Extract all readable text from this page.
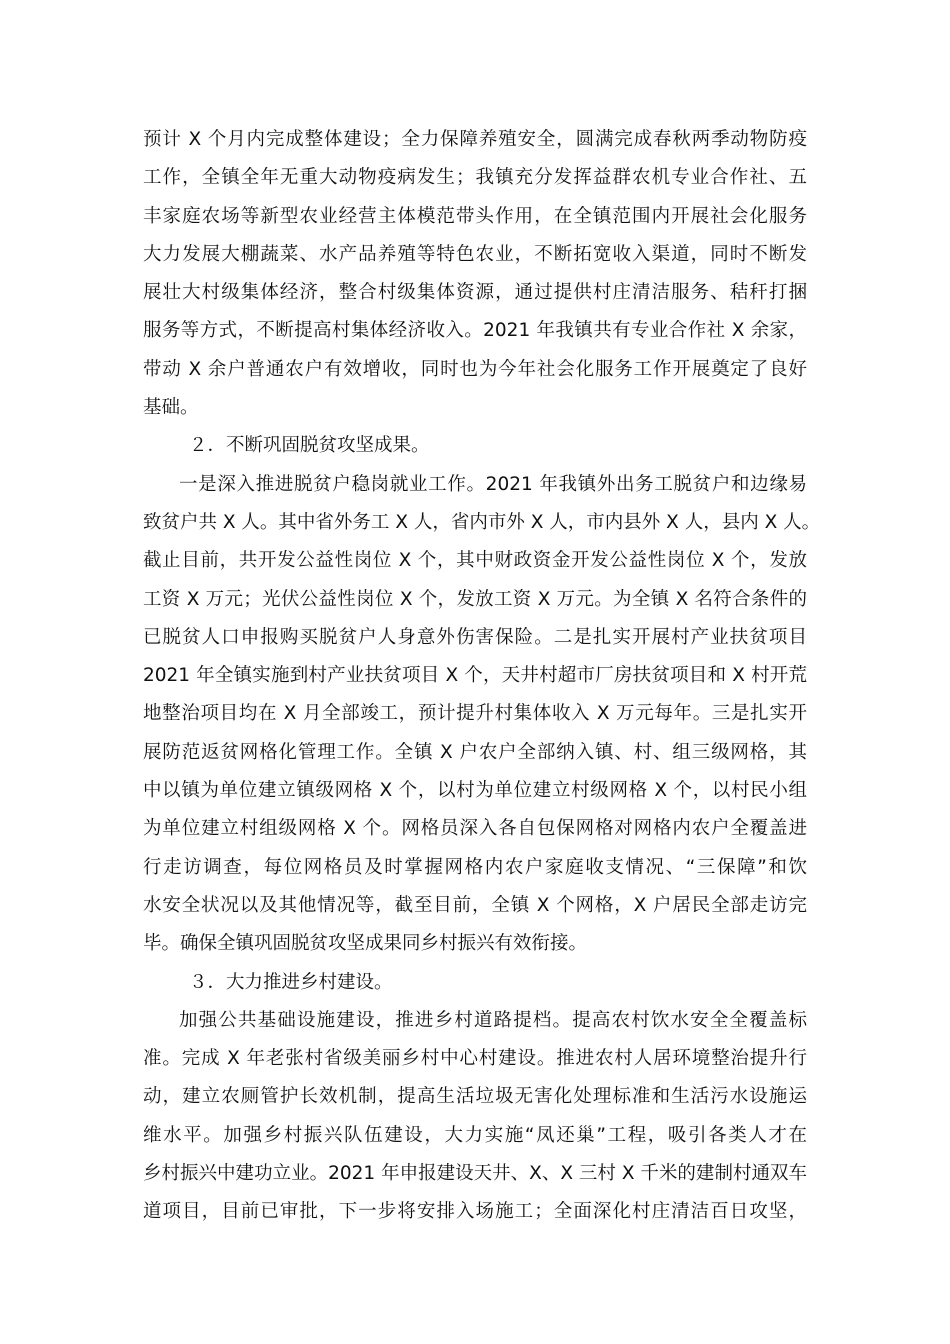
预计 X 个月内完成整体建设；全力保障养殖安全，圆满完成春秋两季动物防疫
工作，全镇全年无重大动物疫病发生；我镇充分发挥益群农机专业合作社、五
丰家庭农场等新型农业经营主体模范带头作用，在全镇范围内开展社会化服务
大力发展大棚蔬菜、水产品养殖等特色农业，不断拓宽收入渠道，同时不断发
展壮大村级集体经济，整合村级集体资源，通过提供村庄清洁服务、秸秆打捆
服务等方式，不断提高村集体经济收入。2021 年我镇共有专业合作社 X 余家，
带动 X 余户普通农户有效增收，同时也为今年社会化服务工作开展奠定了良好
基础。
２．不断巩固脱贫攻坚成果。
一是深入推进脱贫户稳岗就业工作。2021 年我镇外出务工脱贫户和边缘易
致贫户共 X 人。其中省外务工 X 人，省内市外 X 人，市内县外 X 人，县内 X 人。
截止目前，共开发公益性岗位 X 个，其中财政资金开发公益性岗位 X 个，发放
工资 X 万元；光伏公益性岗位 X 个，发放工资 X 万元。为全镇 X 名符合条件的
已脱贫人口申报购买脱贫户人身意外伤害保险。二是扎实开展村产业扶贫项目
2021 年全镇实施到村产业扶贫项目 X 个，天井村超市厂房扶贫项目和 X 村开荒
地整治项目均在 X 月全部竣工，预计提升村集体收入 X 万元每年。三是扎实开
展防范返贫网格化管理工作。全镇 X 户农户全部纳入镇、村、组三级网格，其
中以镇为单位建立镇级网格 X 个，以村为单位建立村级网格 X 个，以村民小组
为单位建立村组级网格 X 个。网格员深入各自包保网格对网格内农户全覆盖进
行走访调查，每位网格员及时掌握网格内农户家庭收支情况、“三保障”和饮
水安全状况以及其他情况等，截至目前，全镇 X 个网格，X 户居民全部走访完
毕。确保全镇巩固脱贫攻坚成果同乡村振兴有效衔接。
３．大力推进乡村建设。
加强公共基础设施建设，推进乡村道路提档。提高农村饮水安全全覆盖标
准。完成 X 年老张村省级美丽乡村中心村建设。推进农村人居环境整治提升行
动，建立农厕管护长效机制，提高生活垃圾无害化处理标准和生活污水设施运
维水平。加强乡村振兴队伍建设，大力实施“凤还巢”工程，吸引各类人才在
乡村振兴中建功立业。2021 年申报建设天井、X、X 三村 X 千米的建制村通双车
道项目，目前已审批，下一步将安排入场施工；全面深化村庄清洁百日攻坚，
